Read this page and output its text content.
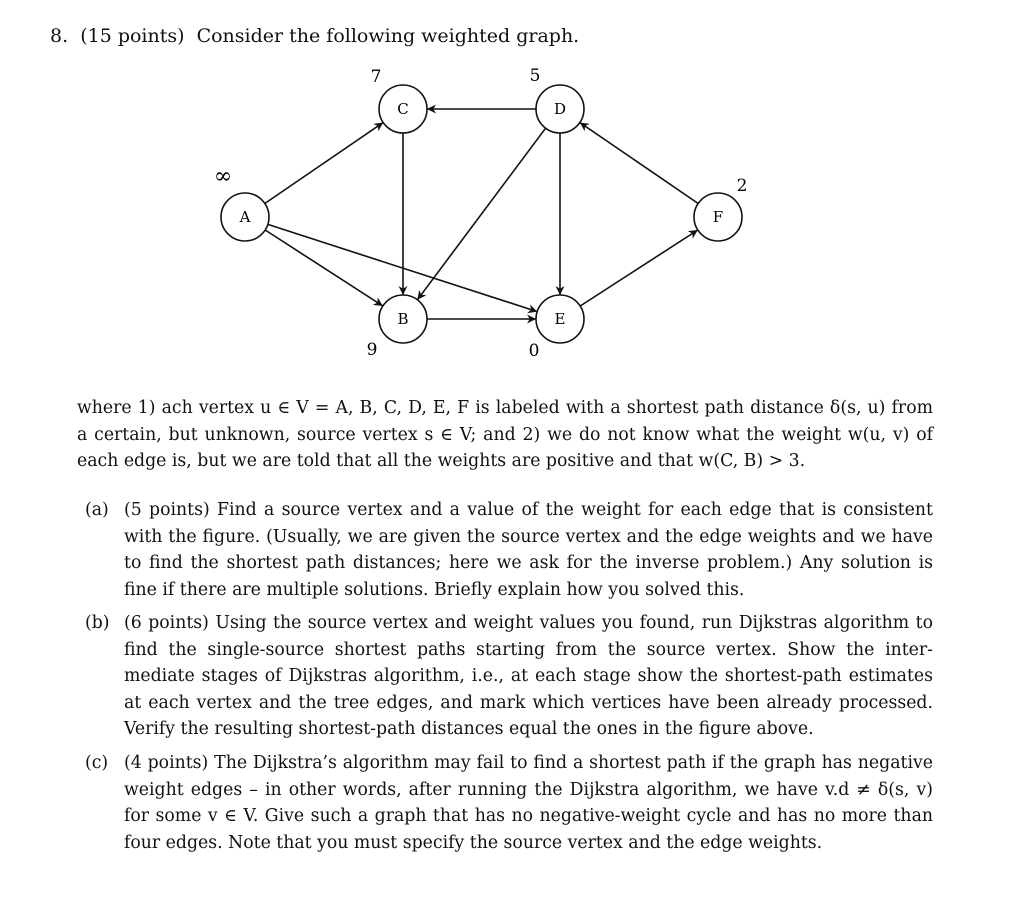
8. (15 points) Consider the following weighted graph.
A
∞
B
9
C
7
D
5
E
0
F
2
where 1) ach vertex u ∈ V = A, B, C, D, E, F is labeled with a shortest path distance δ(s, u) from a certain, but unknown, source vertex s ∈ V; and 2) we do not know what the weight w(u, v) of each edge is, but we are told that all the weights are positive and that w(C, B) > 3.
(a) (5 points) Find a source vertex and a value of the weight for each edge that is consistent with the figure. (Usually, we are given the source vertex and the edge weights and we have to find the shortest path distances; here we ask for the inverse problem.) Any solution is fine if there are multiple solutions. Briefly explain how you solved this.
(b) (6 points) Using the source vertex and weight values you found, run Dijkstras algorithm to find the single-source shortest paths starting from the source vertex. Show the inter-mediate stages of Dijkstras algorithm, i.e., at each stage show the shortest-path estimates at each vertex and the tree edges, and mark which vertices have been already processed. Verify the resulting shortest-path distances equal the ones in the figure above.
(c) (4 points) The Dijkstra’s algorithm may fail to find a shortest path if the graph has negative weight edges – in other words, after running the Dijkstra algorithm, we have v.d ≠ δ(s, v) for some v ∈ V. Give such a graph that has no negative-weight cycle and has no more than four edges. Note that you must specify the source vertex and the edge weights.
